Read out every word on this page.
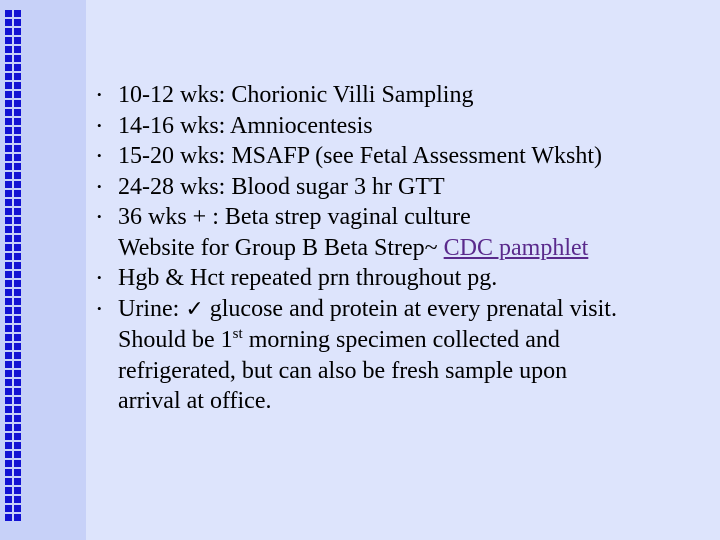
• 10-12 wks: Chorionic Villi Sampling
• 14-16 wks: Amniocentesis
• 15-20 wks: MSAFP (see Fetal Assessment Wksht)
• 24-28 wks: Blood sugar 3 hr GTT
• 36 wks + : Beta strep vaginal culture
Website for Group B Beta Strep~ CDC pamphlet
• Hgb & Hct repeated prn throughout pg.
• Urine: ✓ glucose and protein at every prenatal visit.
Should be 1st morning specimen collected and
refrigerated, but can also be fresh sample upon
arrival at office.
